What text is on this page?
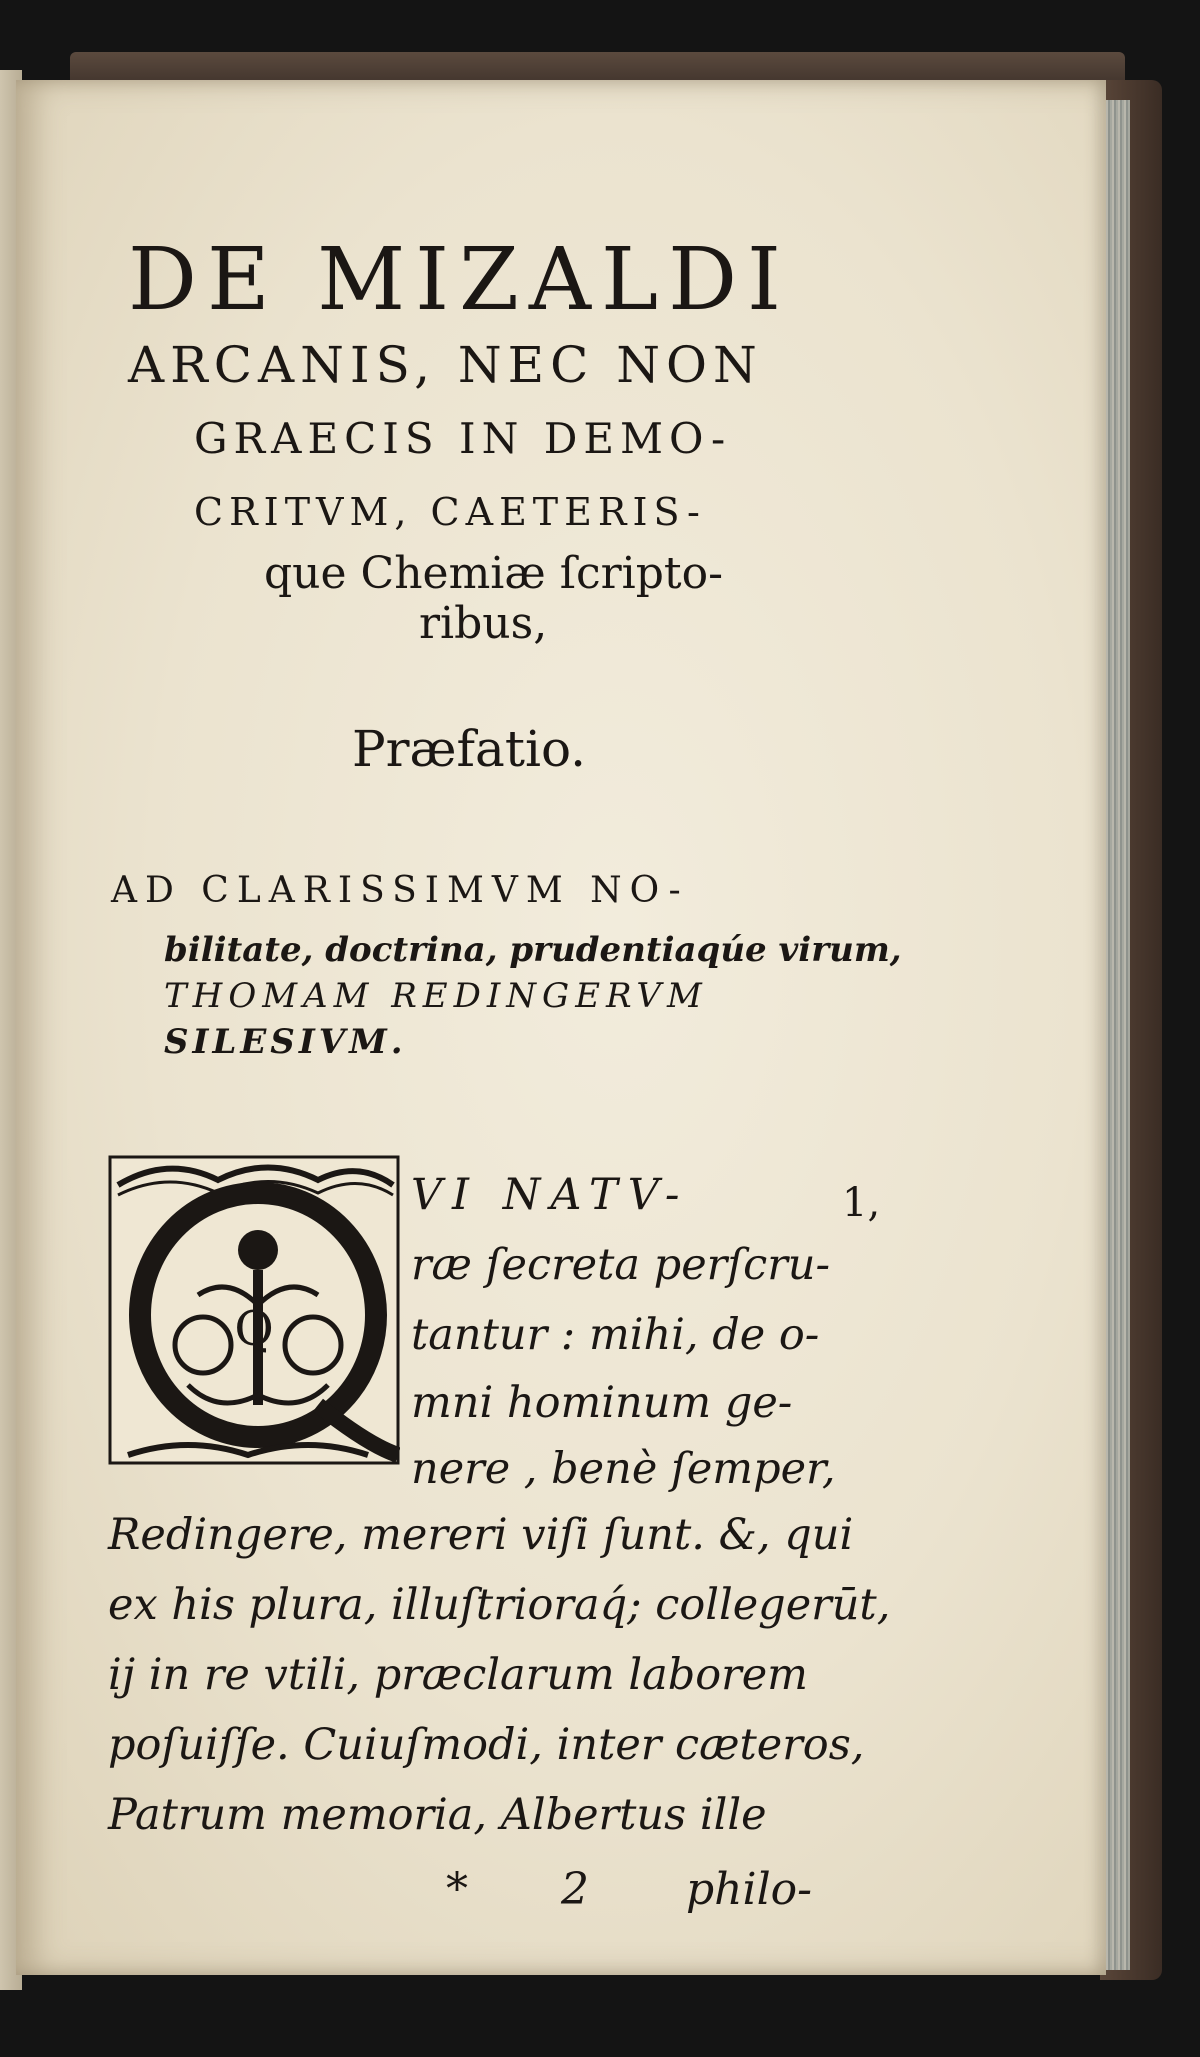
DE MIZALDI
ARCANIS, NEC NON
GRAECIS IN DEMO-
CRITVM, CAETERIS-
que Chemiæ ſcripto-
ribus,
Præfatio.
AD CLARISSIMVM NO-
bilitate, doctrina, prudentiaqúe virum,
THOMAM REDINGERVM
SILESIVM.
Q
VI NATV-	1,
ræ ſecreta perſcru-
tantur : mihi, de o-
mni hominum ge-
nere , benè ſemper,
Redingere, mereri viſi ſunt. &, qui
ex his plura, illuſtrioraq́; collegerūt,
ij in re vtili, præclarum laborem
poſuiſſe. Cuiuſmodi, inter cæteros,
Patrum memoria, Albertus ille
* 2 philo-
